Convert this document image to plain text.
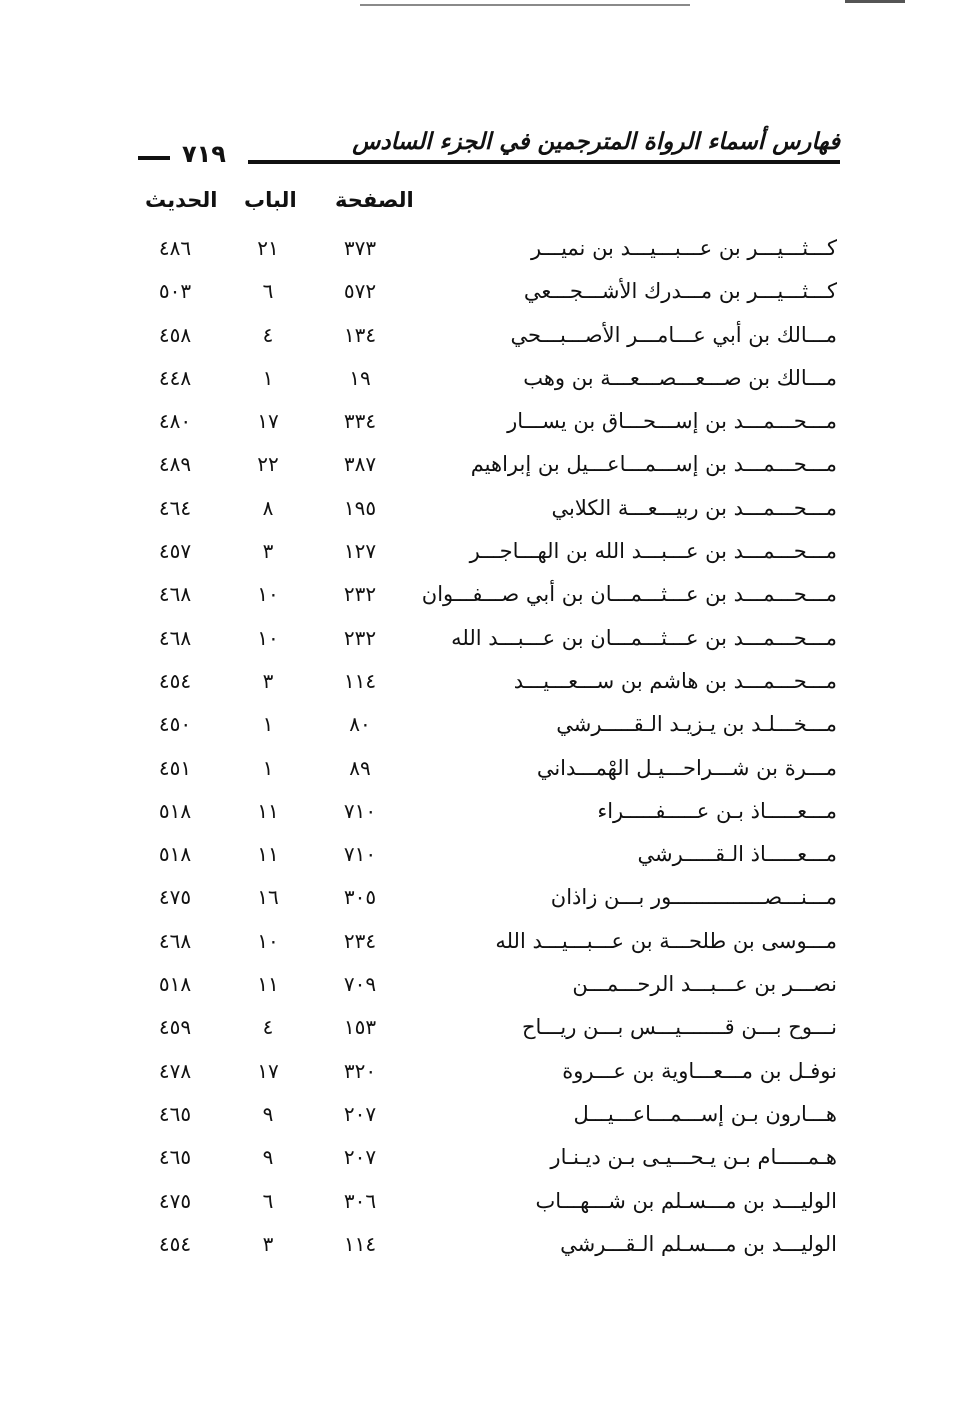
فهارس أسماء الرواة المترجمين في الجزء السادس
٧١٩
الصفحة
الباب
الحديث
كـــثـــيـــر بن عـــبـــيـــد بن نميـــر
٣٧٣
٢١
٤٨٦
كـــثـــيـــر بن مـــدرك الأشـــجـــعي
٥٧٢
٦
٥٠٣
مـــالك بن أبي عـــامـــر الأصـــبـــحي
١٣٤
٤
٤٥٨
مـــالك بن صـــعـــصـــعـــة بن وهب
١٩
١
٤٤٨
مـــحـــمـــد بن إســـحـــاق بن يســـار
٣٣٤
١٧
٤٨٠
مـــحـــمـــد بن إســـمـــاعـــيل بن إبراهيم
٣٨٧
٢٢
٤٨٩
مـــحـــمـــد بن ربيـــعـــة الكلابي
١٩٥
٨
٤٦٤
مـــحـــمـــد بن عـــبـــد الله بن الهـــاجـــر
١٢٧
٣
٤٥٧
مـــحـــمـــد بن عـــثـــمـــان بن أبي صـــفـــوان
٢٣٢
١٠
٤٦٨
مـــحـــمـــد بن عـــثـــمـــان بن عـــبـــد الله
٢٣٢
١٠
٤٦٨
مـــحـــمـــد بن هاشم بن ســـعـــيـــد
١١٤
٣
٤٥٤
مـــخـــلـد بن يـزيـد الـقـــــرشي
٨٠
١
٤٥٠
مـــرة بن شـــراحـــيـل الهْمـــداني
٨٩
١
٤٥١
مـــعـــــاذ بـن عـــــفـــــراء
٧١٠
١١
٥١٨
مـــعـــــاذ الـقـــــرشي
٧١٠
١١
٥١٨
مـــنـــصـــــــــــــــور بـــن زاذان
٣٠٥
١٦
٤٧٥
مـــوسى بن طلحـــة بن عـــبـــيـــد الله
٢٣٤
١٠
٤٦٨
نصـــر بن عـــبـــد الرحـــمـــن
٧٠٩
١١
٥١٨
نـــوح بـــن قـــــــيـــس بـــن ريـــاح
١٥٣
٤
٤٥٩
نوفـل بن مـــعـــاوية بن عـــروة
٣٢٠
١٧
٤٧٨
هـــارون بـن إســـمـــاعـــيـــل
٢٠٧
٩
٤٦٥
هـمـــــام بـن يـحـــيـى بـن ديـنـار
٢٠٧
٩
٤٦٥
الوليـــد بن مـــسـلم بن شـــهـــاب
٣٠٦
٦
٤٧٥
الوليـــد بن مـــسـلم الـقـــرشي
١١٤
٣
٤٥٤
